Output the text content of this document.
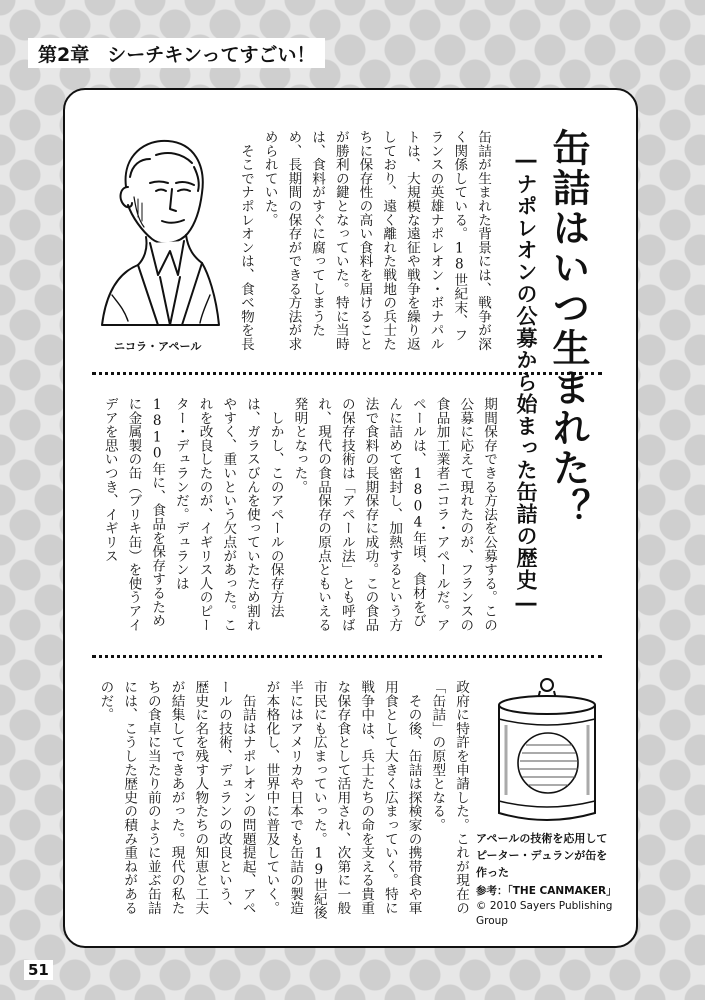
第2章 シーチキンってすごい！
缶詰はいつ生まれた？
―ナポレオンの公募から始まった缶詰の歴史―
ニコラ・アペール	缶詰が生まれた背景には、戦争が深く関係している。18世紀末、フランスの英雄ナポレオン・ボナパルトは、大規模な遠征や戦争を繰り返しており、遠く離れた戦地の兵士たちに保存性の高い食料を届けることが勝利の鍵となっていた。特に当時は、食料がすぐに腐ってしまうため、長期間の保存ができる方法が求められていた。
　そこでナポレオンは、食べ物を長
期間保存できる方法を公募する。この公募に応えて現れたのが、フランスの食品加工業者ニコラ・アペールだ。アペールは、1804年頃、食材をびんに詰めて密封し、加熱するという方法で食料の長期保存に成功。この食品の保存技術は「アペール法」とも呼ばれ、現代の食品保存の原点ともいえる発明となった。
　しかし、このアペールの保存方法は、ガラスびんを使っていたため割れやすく、重いという欠点があった。これを改良したのが、イギリス人のピーター・デュランだ。デュランは1810年に、食品を保存するために金属製の缶（ブリキ缶）を使うアイデアを思いつき、イギリス
政府に特許を申請した。これが現在の「缶詰」の原型となる。
　その後、缶詰は探検家の携帯食や軍用食として大きく広まっていく。特に戦争中は、兵士たちの命を支える貴重な保存食として活用され、次第に一般市民にも広まっていった。19世紀後半にはアメリカや日本でも缶詰の製造が本格化し、世界中に普及していく。
　缶詰はナポレオンの問題提起、アペールの技術、デュランの改良という、歴史に名を残す人物たちの知恵と工夫が結集してできあがった。現代の私たちの食卓に当たり前のように並ぶ缶詰には、こうした歴史の積み重ねがあるのだ。
アペールの技術を応用して
ピーター・デュランが缶を
作った
参考：「THE CANMAKER」
© 2010 Sayers Publishing
Group
51
